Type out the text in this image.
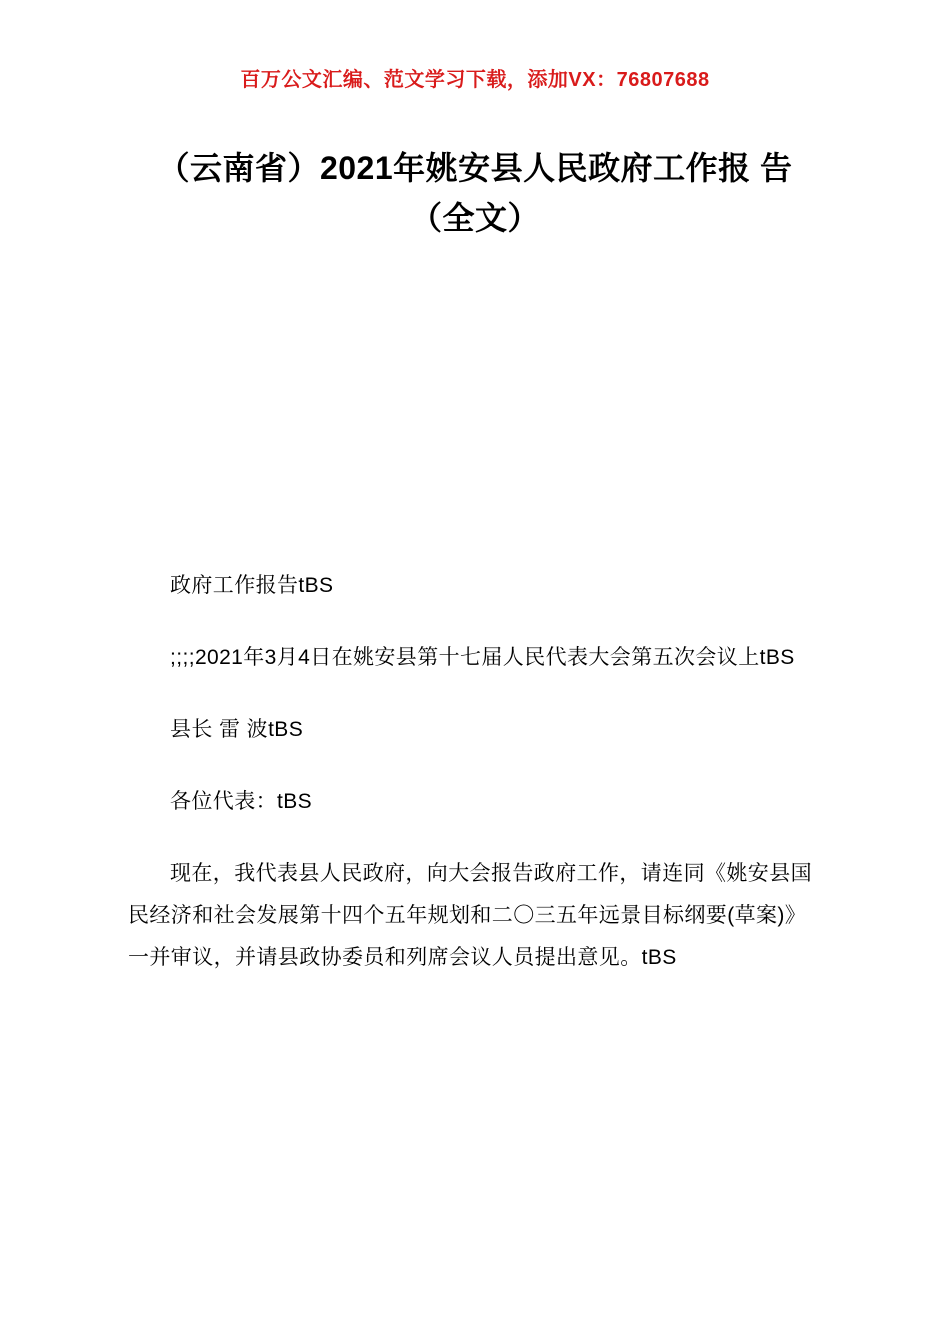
百万公文汇编、范文学习下载，添加VX：76807688
（云南省）2021年姚安县人民政府工作报 告（全文）

政府工作报告tBS

;;;;2021年3月4日在姚安县第十七届人民代表大会第五次会议上tBS

县长 雷 波tBS

各位代表：tBS

现在，我代表县人民政府，向大会报告政府工作，请连同《姚安县国民经济和社会发展第十四个五年规划和二〇三五年远景目标纲要(草案)》一并审议，并请县政协委员和列席会议人员提出意见。tBS
